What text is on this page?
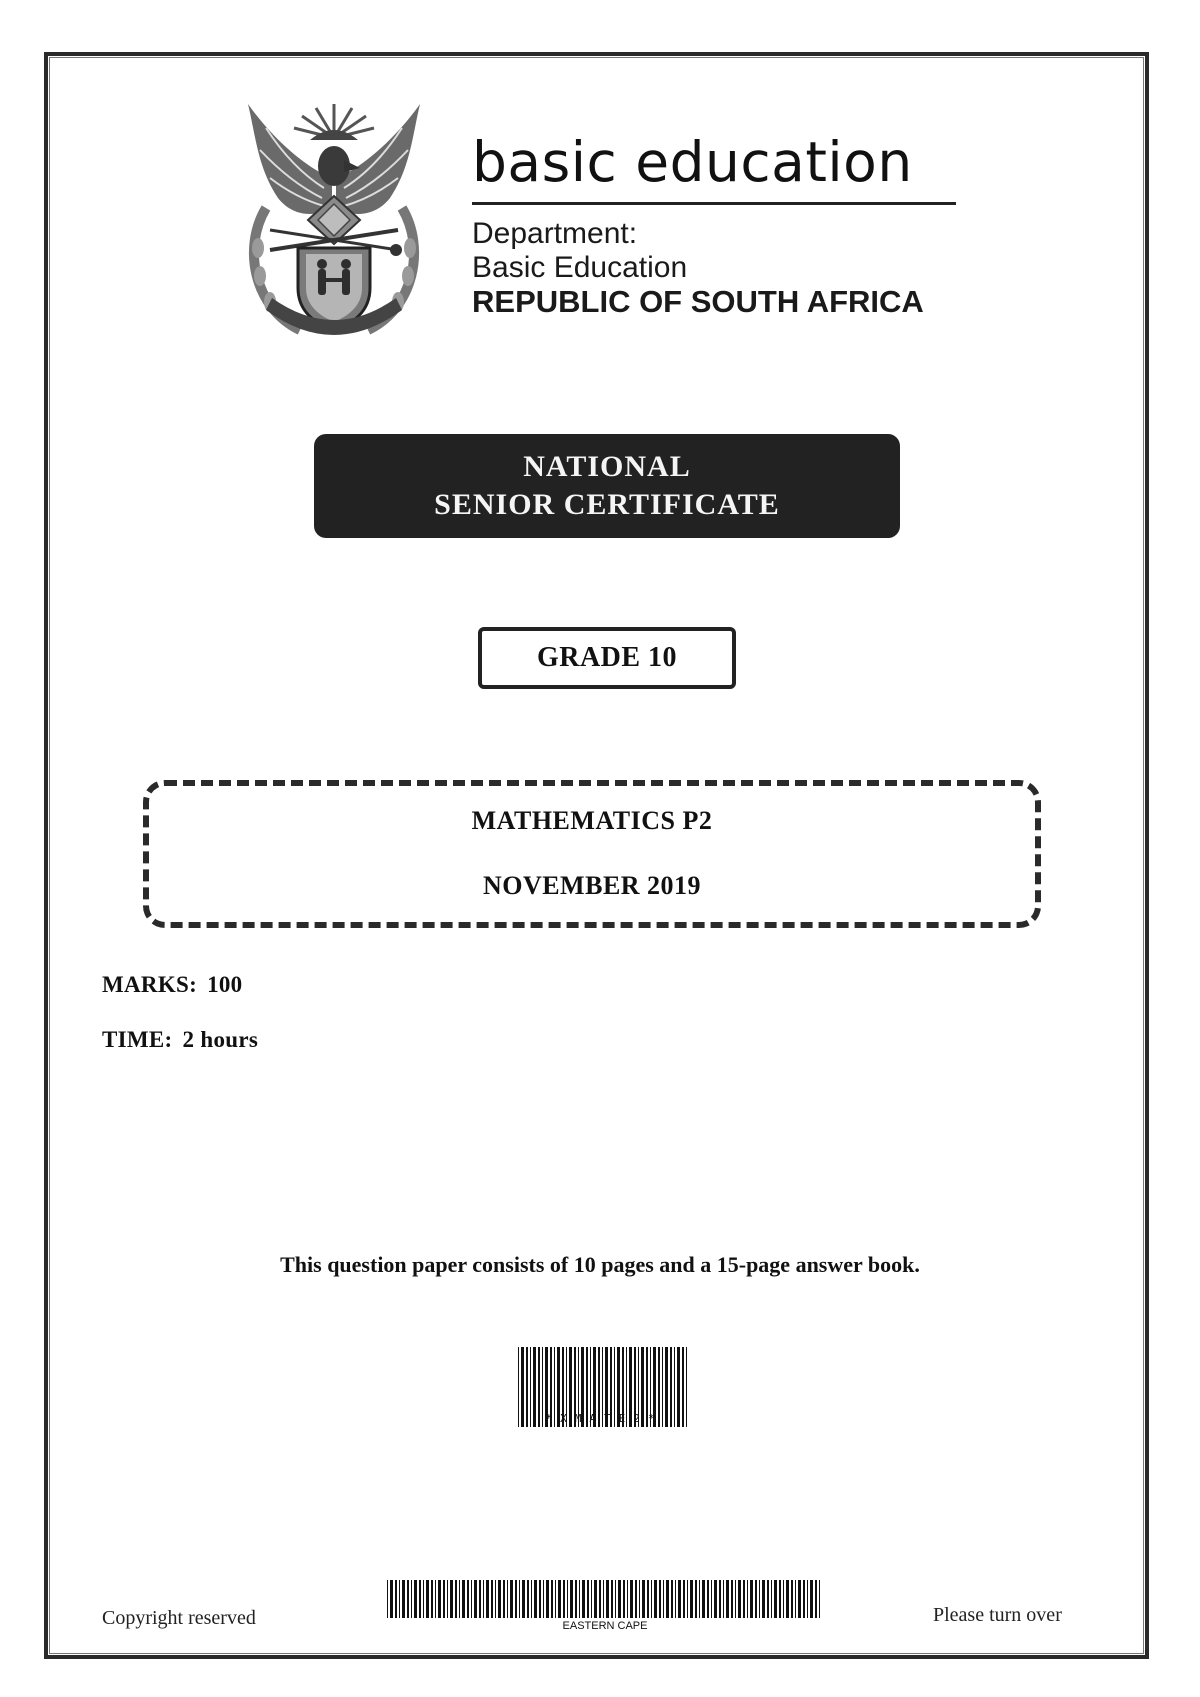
basic education
Department:
Basic Education
REPUBLIC OF SOUTH AFRICA
NATIONAL
SENIOR CERTIFICATE
GRADE 10
MATHEMATICS P2
NOVEMBER 2019
MARKS: 100
TIME: 2 hours
This question paper consists of 10 pages and a 15-page answer book.
*XMATE2*
EASTERN CAPE
Copyright reserved	Please turn over
